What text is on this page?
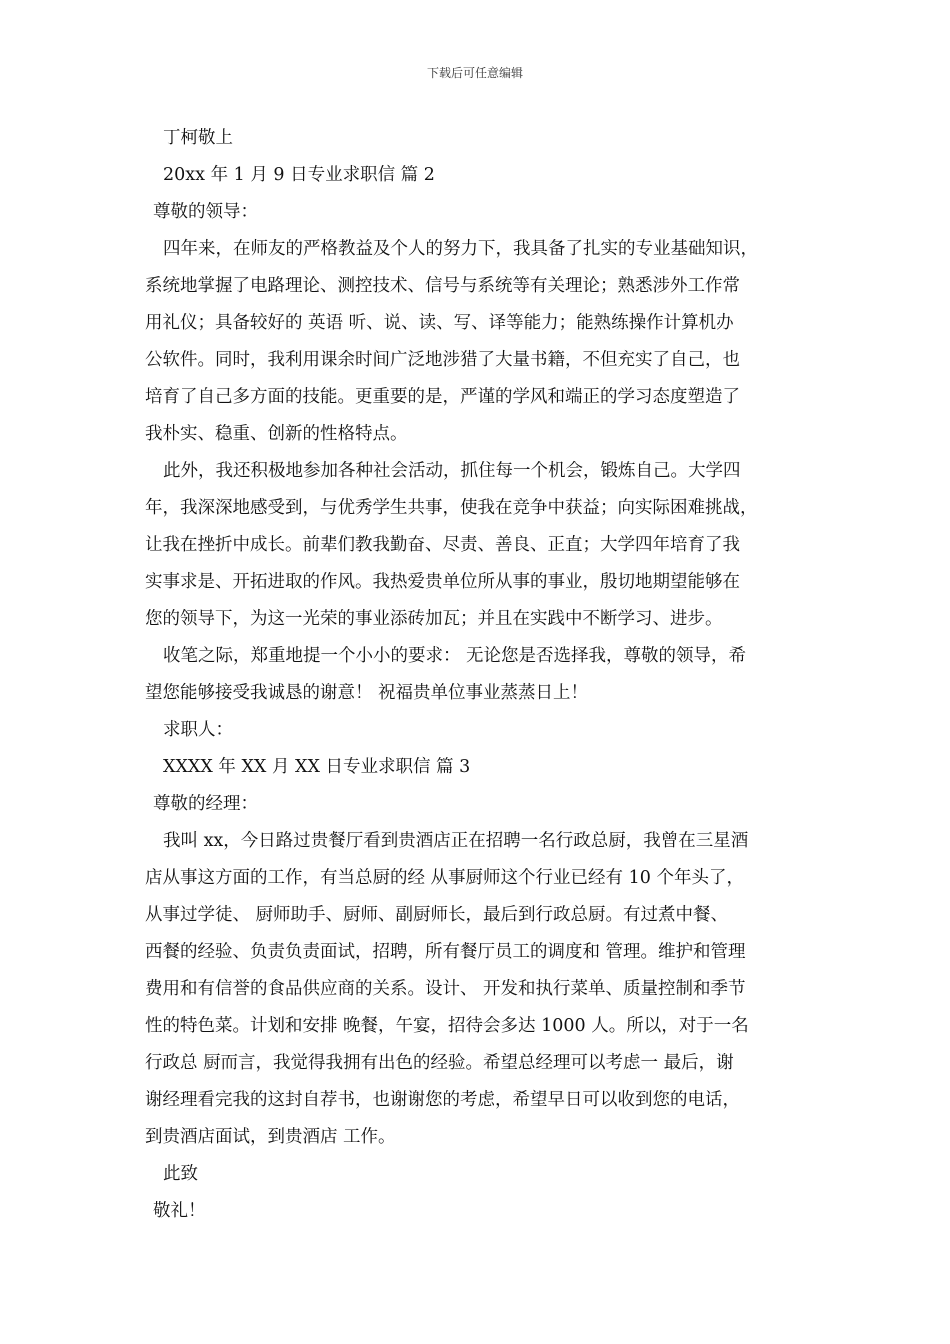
下载后可任意编辑
丁柯敬上
20xx 年 1 月 9 日专业求职信 篇 2
尊敬的领导：
四年来，在师友的严格教益及个人的努力下，我具备了扎实的专业基础知识，
系统地掌握了电路理论、测控技术、信号与系统等有关理论；熟悉涉外工作常
用礼仪；具备较好的 英语 听、说、读、写、译等能力；能熟练操作计算机办
公软件。同时，我利用课余时间广泛地涉猎了大量书籍，不但充实了自己，也
培育了自己多方面的技能。更重要的是，严谨的学风和端正的学习态度塑造了
我朴实、稳重、创新的性格特点。
此外，我还积极地参加各种社会活动，抓住每一个机会，锻炼自己。大学四
年，我深深地感受到，与优秀学生共事，使我在竞争中获益；向实际困难挑战，
让我在挫折中成长。前辈们教我勤奋、尽责、善良、正直；大学四年培育了我
实事求是、开拓进取的作风。我热爱贵单位所从事的事业，殷切地期望能够在
您的领导下，为这一光荣的事业添砖加瓦；并且在实践中不断学习、进步。
收笔之际，郑重地提一个小小的要求： 无论您是否选择我，尊敬的领导，希
望您能够接受我诚恳的谢意！ 祝福贵单位事业蒸蒸日上！
求职人：
XXXX 年 XX 月 XX 日专业求职信 篇 3
尊敬的经理：
我叫 xx，今日路过贵餐厅看到贵酒店正在招聘一名行政总厨，我曾在三星酒
店从事这方面的工作，有当总厨的经 从事厨师这个行业已经有 10 个年头了，
从事过学徒、 厨师助手、厨师、副厨师长，最后到行政总厨。有过煮中餐、
西餐的经验、负责负责面试，招聘，所有餐厅员工的调度和 管理。维护和管理
费用和有信誉的食品供应商的关系。设计、 开发和执行菜单、质量控制和季节
性的特色菜。计划和安排 晚餐，午宴，招待会多达 1000 人。所以，对于一名
行政总 厨而言，我觉得我拥有出色的经验。希望总经理可以考虑一 最后，谢
谢经理看完我的这封自荐书，也谢谢您的考虑，希望早日可以收到您的电话，
到贵酒店面试，到贵酒店 工作。
此致
敬礼！
